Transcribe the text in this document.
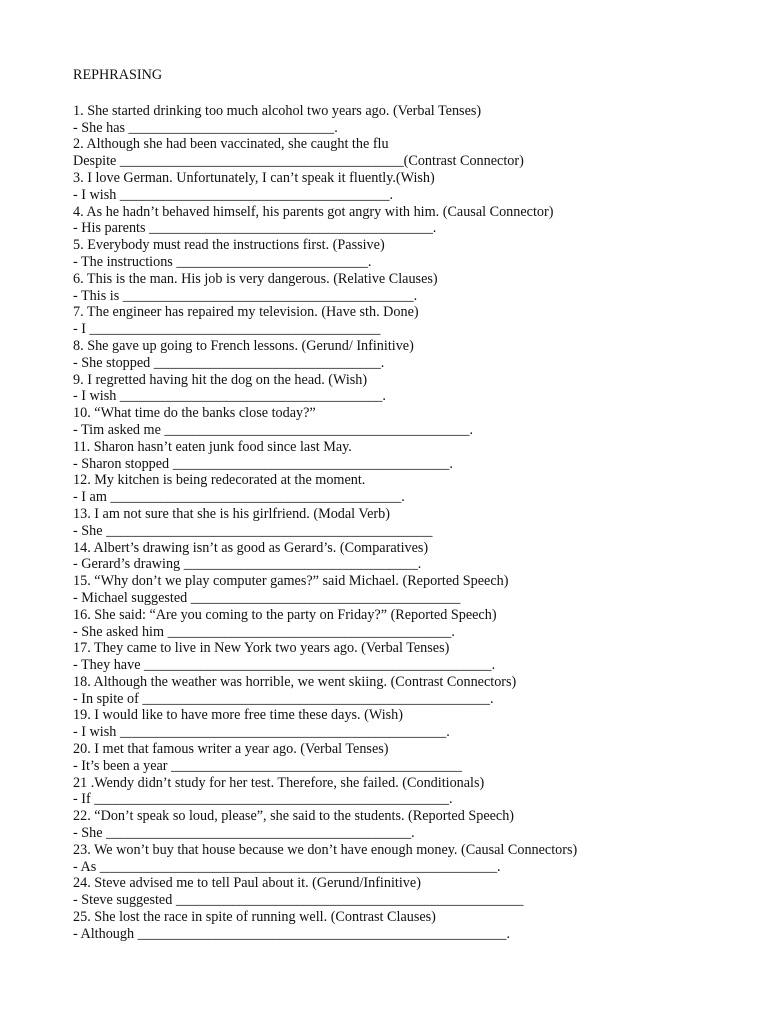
REPHRASING
1. She started drinking too much alcohol two years ago. (Verbal Tenses)
- She has _____________________________.
2. Although she had been vaccinated, she caught the flu
Despite ________________________________________(Contrast Connector)
3. I love German. Unfortunately, I can’t speak it fluently.(Wish)
- I wish ______________________________________.
4. As he hadn’t behaved himself, his parents got angry with him. (Causal Connector)
- His parents ________________________________________.
5. Everybody must read the instructions first. (Passive)
- The instructions ___________________________.
6. This is the man. His job is very dangerous. (Relative Clauses)
- This is _________________________________________.
7. The engineer has repaired my television. (Have sth. Done)
- I _________________________________________
8. She gave up going to French lessons. (Gerund/ Infinitive)
- She stopped ________________________________.
9. I regretted having hit the dog on the head. (Wish)
- I wish _____________________________________.
10. “What time do the banks close today?”
- Tim asked me ___________________________________________.
11. Sharon hasn’t eaten junk food since last May.
- Sharon stopped _______________________________________.
12. My kitchen is being redecorated at the moment.
- I am _________________________________________.
13. I am not sure that she is his girlfriend. (Modal Verb)
- She ______________________________________________
14. Albert’s drawing isn’t as good as Gerard’s. (Comparatives)
- Gerard’s drawing _________________________________.
15. “Why don’t we play computer games?” said Michael. (Reported Speech)
- Michael suggested ______________________________________
16. She said: “Are you coming to the party on Friday?” (Reported Speech)
- She asked him ________________________________________.
17. They came to live in New York two years ago. (Verbal Tenses)
- They have _________________________________________________.
18. Although the weather was horrible, we went skiing. (Contrast Connectors)
- In spite of _________________________________________________.
19. I would like to have more free time these days. (Wish)
- I wish ______________________________________________.
20. I met that famous writer a year ago. (Verbal Tenses)
- It’s been a year _________________________________________
21 .Wendy didn’t study for her test. Therefore, she failed. (Conditionals)
- If __________________________________________________.
22. “Don’t speak so loud, please”, she said to the students. (Reported Speech)
- She ___________________________________________.
23. We won’t buy that house because we don’t have enough money. (Causal Connectors)
- As ________________________________________________________.
24. Steve advised me to tell Paul about it. (Gerund/Infinitive)
- Steve suggested _________________________________________________
25. She lost the race in spite of running well. (Contrast Clauses)
- Although ____________________________________________________.
